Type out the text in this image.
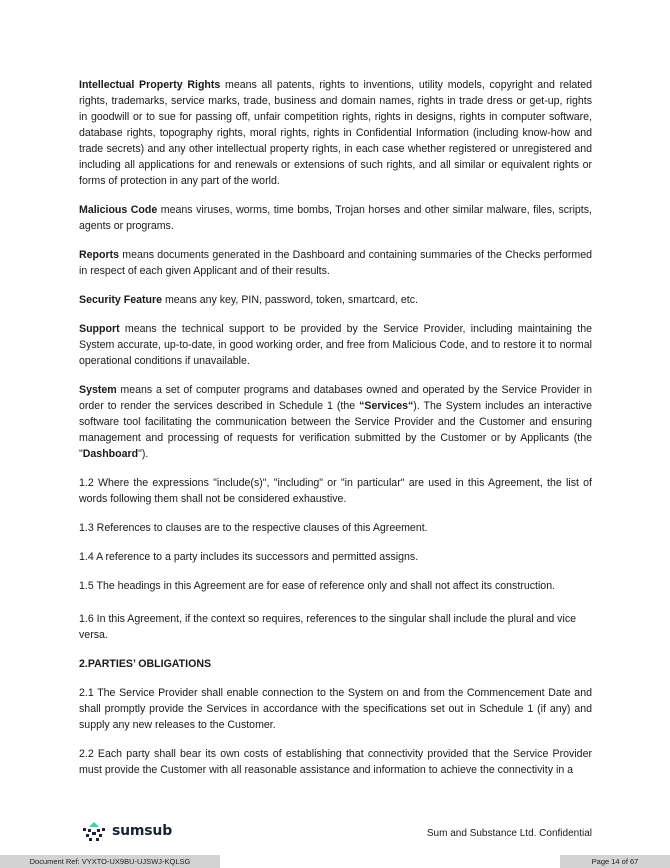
Intellectual Property Rights means all patents, rights to inventions, utility models, copyright and related rights, trademarks, service marks, trade, business and domain names, rights in trade dress or get-up, rights in goodwill or to sue for passing off, unfair competition rights, rights in designs, rights in computer software, database rights, topography rights, moral rights, rights in Confidential Information (including know-how and trade secrets) and any other intellectual property rights, in each case whether registered or unregistered and including all applications for and renewals or extensions of such rights, and all similar or equivalent rights or forms of protection in any part of the world.

Malicious Code means viruses, worms, time bombs, Trojan horses and other similar malware, files, scripts, agents or programs.

Reports means documents generated in the Dashboard and containing summaries of the Checks performed in respect of each given Applicant and of their results.

Security Feature means any key, PIN, password, token, smartcard, etc.

Support means the technical support to be provided by the Service Provider, including maintaining the System accurate, up-to-date, in good working order, and free from Malicious Code, and to restore it to normal operational conditions if unavailable.

System means a set of computer programs and databases owned and operated by the Service Provider in order to render the services described in Schedule 1 (the “Services“). The System includes an interactive software tool facilitating the communication between the Service Provider and the Customer and ensuring management and processing of requests for verification submitted by the Customer or by Applicants (the "Dashboard").

1.2 Where the expressions "include(s)", "including" or "in particular" are used in this Agreement, the list of words following them shall not be considered exhaustive.

1.3 References to clauses are to the respective clauses of this Agreement.

1.4 A reference to a party includes its successors and permitted assigns.

1.5 The headings in this Agreement are for ease of reference only and shall not affect its construction.

1.6 In this Agreement, if the context so requires, references to the singular shall include the plural and vice versa.

2.PARTIES’ OBLIGATIONS

2.1 The Service Provider shall enable connection to the System on and from the Commencement Date and shall promptly provide the Services in accordance with the specifications set out in Schedule 1 (if any) and supply any new releases to the Customer.

2.2 Each party shall bear its own costs of establishing that connectivity provided that the Service Provider must provide the Customer with all reasonable assistance and information to achieve the connectivity in a

sumsub	Sum and Substance Ltd. Confidential
Document Ref: VYXTO-UX9BU-UJSWJ-KQLSG	Page 14 of 67
